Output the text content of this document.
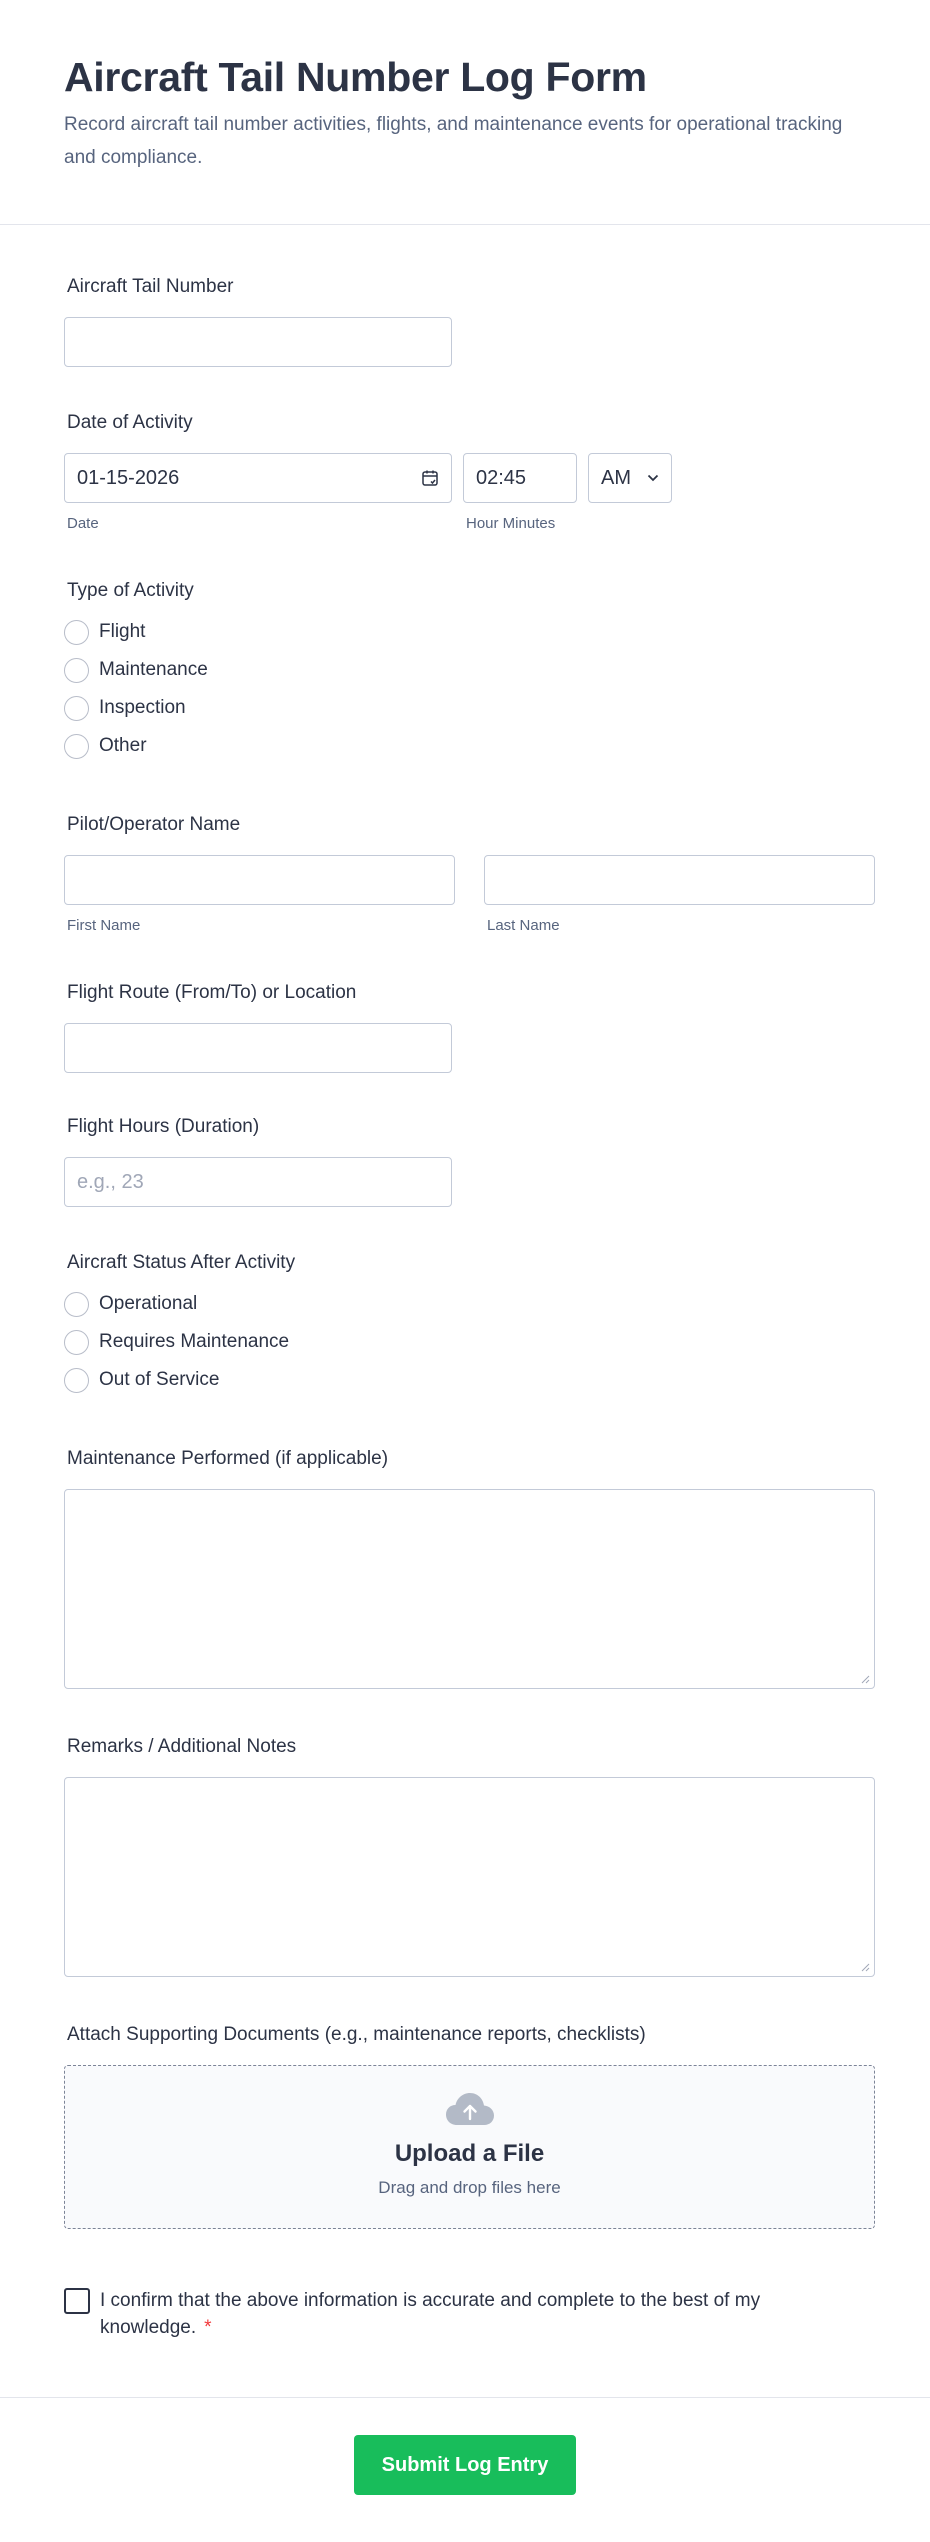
Aircraft Tail Number Log Form

Record aircraft tail number activities, flights, and maintenance events for operational tracking and compliance.

Aircraft Tail Number
Date of Activity
01-15-2026
Date
02:45
Hour Minutes
AM
Type of Activity
Flight
Maintenance
Inspection
Other
Pilot/Operator Name
First Name	Last Name
Flight Route (From/To) or Location
Flight Hours (Duration)
e.g., 23
Aircraft Status After Activity
Operational
Requires Maintenance
Out of Service
Maintenance Performed (if applicable)
Remarks / Additional Notes
Attach Supporting Documents (e.g., maintenance reports, checklists)
Upload a File
Drag and drop files here
I confirm that the above information is accurate and complete to the best of my knowledge. *
Submit Log Entry
